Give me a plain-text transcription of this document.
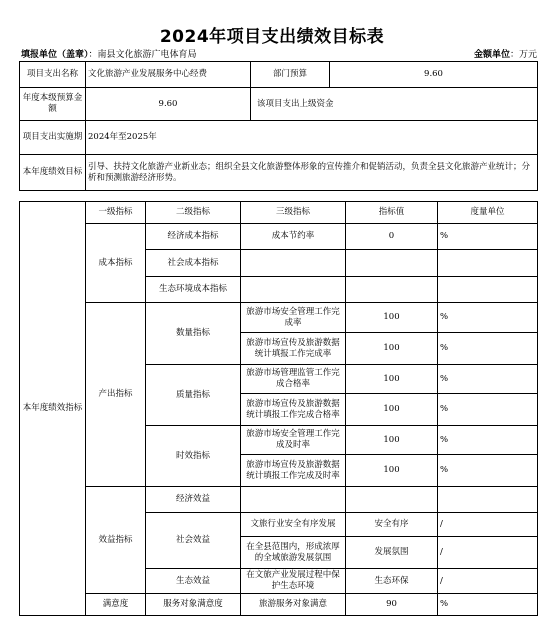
2024年项目支出绩效目标表
填报单位（盖章）：南县文化旅游广电体育局	金额单位：万元
项目支出名称	文化旅游产业发展服务中心经费	部门预算	9.60
年度本级预算金额	9.60	该项目支出上级资金	
项目支出实施期	2024年至2025年		
本年度绩效目标	引导、扶持文化旅游产业新业态；组织全县文化旅游整体形象的宣传推介和促销活动，负责全县文化旅游产业统计；分析和预测旅游经济形势。		
本年度绩效指标	一级指标	二级指标	三级指标	指标值	度量单位
	成本指标	经济成本指标	成本节约率	0	%
		社会成本指标			
		生态环境成本指标			
	产出指标	数量指标	旅游市场安全管理工作完成率	100	%
			旅游市场宣传及旅游数据统计填报工作完成率	100	%
		质量指标	旅游市场管理监管工作完成合格率	100	%
			旅游市场宣传及旅游数据统计填报工作完成合格率	100	%
		时效指标	旅游市场安全管理工作完成及时率	100	%
			旅游市场宣传及旅游数据统计填报工作完成及时率	100	%
	效益指标	经济效益			
		社会效益	文旅行业安全有序发展	安全有序	/
			在全县范围内，形成浓厚的全域旅游发展氛围	发展氛围	/
		生态效益	在文旅产业发展过程中保护生态环境	生态环保	/
	满意度	服务对象满意度	旅游服务对象满意	90	%
